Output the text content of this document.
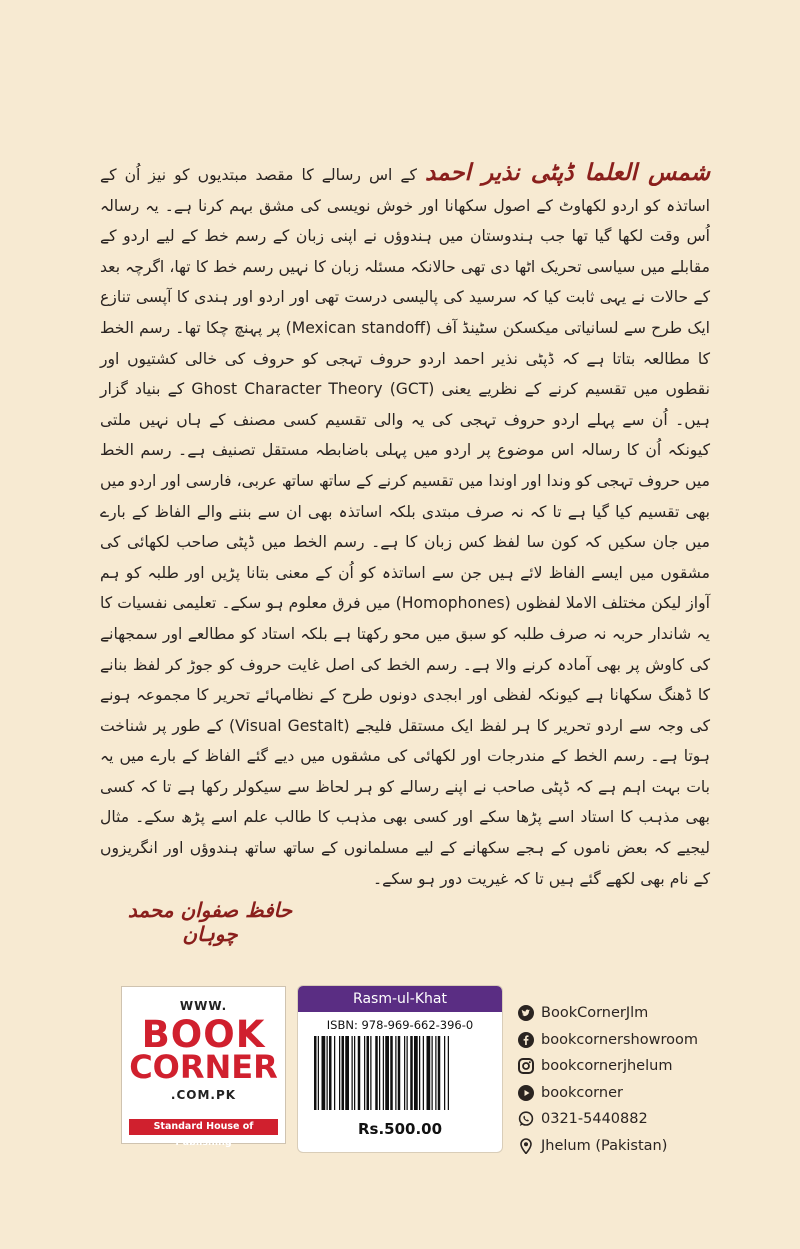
شمس العلما ڈپٹی نذیر احمد کے اس رسالے کا مقصد مبتدیوں کو نیز اُن کے اساتذہ کو اردو لکھاوٹ کے اصول سکھانا اور خوش نویسی کی مشق بہم کرنا ہے۔ یہ رسالہ اُس وقت لکھا گیا تھا جب ہندوستان میں ہندوؤں نے اپنی زبان کے رسم خط کے لیے اردو کے مقابلے میں سیاسی تحریک اٹھا دی تھی حالانکہ مسئلہ زبان کا نہیں رسم خط کا تھا، اگرچہ بعد کے حالات نے یہی ثابت کیا کہ سرسید کی پالیسی درست تھی اور اردو اور ہندی کا آپسی تنازع ایک طرح سے لسانیاتی میکسکن سٹینڈ آف (Mexican standoff) پر پہنچ چکا تھا۔ رسم الخط کا مطالعہ بتاتا ہے کہ ڈپٹی نذیر احمد اردو حروف تہجی کو حروف کی خالی کشتیوں اور نقطوں میں تقسیم کرنے کے نظریے یعنی Ghost Character Theory (GCT) کے بنیاد گزار ہیں۔ اُن سے پہلے اردو حروف تہجی کی یہ والی تقسیم کسی مصنف کے ہاں نہیں ملتی کیونکہ اُن کا رسالہ اس موضوع پر اردو میں پہلی باضابطہ مستقل تصنیف ہے۔ رسم الخط میں حروف تہجی کو وندا اور اوندا میں تقسیم کرنے کے ساتھ ساتھ عربی، فارسی اور اردو میں بھی تقسیم کیا گیا ہے تا کہ نہ صرف مبتدی بلکہ اساتذہ بھی ان سے بننے والے الفاظ کے بارے میں جان سکیں کہ کون سا لفظ کس زبان کا ہے۔ رسم الخط میں ڈپٹی صاحب لکھائی کی مشقوں میں ایسے الفاظ لائے ہیں جن سے اساتذہ کو اُن کے معنی بتانا پڑیں اور طلبہ کو ہم آواز لیکن مختلف الاملا لفظوں (Homophones) میں فرق معلوم ہو سکے۔ تعلیمی نفسیات کا یہ شاندار حربہ نہ صرف طلبہ کو سبق میں محو رکھتا ہے بلکہ استاد کو مطالعے اور سمجھانے کی کاوش پر بھی آمادہ کرنے والا ہے۔ رسم الخط کی اصل غایت حروف کو جوڑ کر لفظ بنانے کا ڈھنگ سکھانا ہے کیونکہ لفظی اور ابجدی دونوں طرح کے نظامہائے تحریر کا مجموعہ ہونے کی وجہ سے اردو تحریر کا ہر لفظ ایک مستقل فلیجے (Visual Gestalt) کے طور پر شناخت ہوتا ہے۔ رسم الخط کے مندرجات اور لکھائی کی مشقوں میں دیے گئے الفاظ کے بارے میں یہ بات بہت اہم ہے کہ ڈپٹی صاحب نے اپنے رسالے کو ہر لحاظ سے سیکولر رکھا ہے تا کہ کسی بھی مذہب کا استاد اسے پڑھا سکے اور کسی بھی مذہب کا طالب علم اسے پڑھ سکے۔ مثال لیجیے کہ بعض ناموں کے ہجے سکھانے کے لیے مسلمانوں کے ساتھ ساتھ ہندوؤں اور انگریزوں کے نام بھی لکھے گئے ہیں تا کہ غیریت دور ہو سکے۔

حافظ صفوان محمد چوہان
WWW.
BOOK
CORNER
.COM.PK
Standard House of Publishing
Rasm-ul-Khat
ISBN: 978-969-662-396-0
Rs.500.00
BookCornerJlm
bookcornershowroom
bookcornerjhelum
bookcorner
0321-5440882
Jhelum (Pakistan)
